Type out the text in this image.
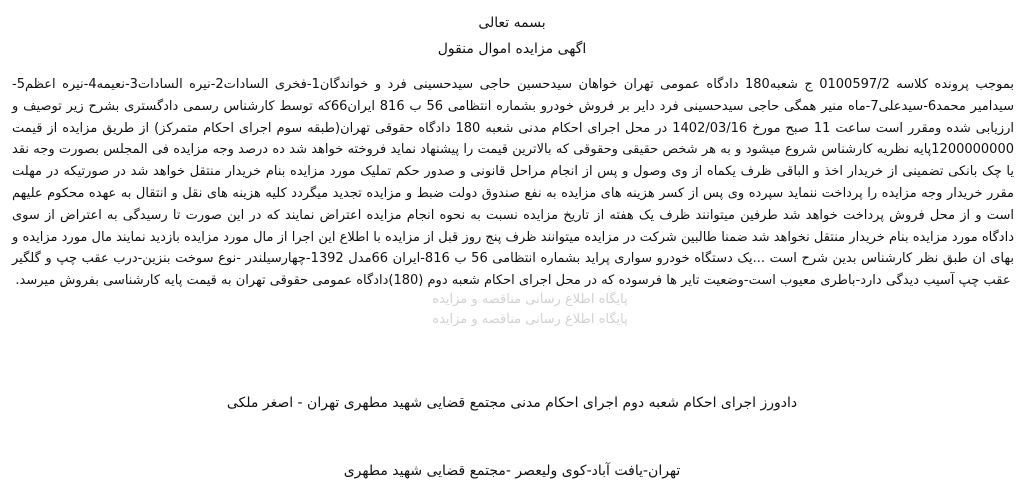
بسمه تعالی
اگهی مزایده اموال منقول
بموجب پرونده کلاسه 0100597/2 ج شعبه180 دادگاه عمومی تهران خواهان سیدحسین حاجی سیدحسینی فرد و خواندگان1-فخری السادات2-نیره السادات3-نعیمه4-نیره اعظم5-سیدامیر محمد6-سیدعلی7-ماه منیر همگی حاجی سیدحسینی فرد دایر بر فروش خودرو بشماره انتظامی 56 ب 816 ایران66که توسط کارشناس رسمی دادگستری بشرح زیر توصیف و ارزیابی شده ومقرر است ساعت 11 صبح مورخ 1402/03/16 در محل اجرای احکام مدنی شعبه 180 دادگاه حقوقی تهران(طبقه سوم اجرای احکام متمرکز) از طریق مزایده از قیمت 1200000000پایه نظریه کارشناس شروع میشود و به هر شخص حقیقی وحقوقی که بالاترین قیمت را پیشنهاد نماید فروخته خواهد شد ده درصد وجه مزایده فی المجلس بصورت وجه نقد یا چک بانکی تضمینی از خریدار اخذ و الباقی ظرف یکماه از وی وصول و پس از انجام مراحل قانونی و صدور حکم تملیک مورد مزایده بنام خریدار منتقل خواهد شد در صورتیکه در مهلت مقرر خریدار وجه مزایده را پرداخت ننماید سپرده وی پس از کسر هزینه های مزایده به نفع صندوق دولت ضبط و مزایده تجدید میگردد کلیه هزینه های نقل و انتقال به عهده محکوم علیهم است و از محل فروش پرداخت خواهد شد طرفین میتوانند ظرف یک هفته از تاریخ مزایده نسبت به نحوه انجام مزایده اعتراض نمایند که در این صورت تا رسیدگی به اعتراض از سوی دادگاه مورد مزایده بنام خریدار منتقل نخواهد شد ضمنا طالبین شرکت در مزایده میتوانند ظرف پنج روز قبل از مزایده با اطلاع این اجرا از مال مورد مزایده بازدید نمایند مال مورد مزایده و بهای ان طبق نظر کارشناس بدین شرح است ...یک دستگاه خودرو سواری پراید بشماره انتظامی 56 ب 816-ایران 66مدل 1392-چهارسیلندر -نوع سوخت بنزین-درب عقب چپ و گلگیر عقب چپ آسیب دیدگی دارد-باطری معیوب است-وضعیت تایر ها فرسوده که در محل اجرای احکام شعبه دوم (180)دادگاه عمومی حقوقی تهران به قیمت پایه کارشناسی بفروش میرسد.
پایگاه اطلاع رسانی مناقصه و مزایده
پایگاه اطلاع رسانی مناقصه و مزایده
دادورز اجرای احکام شعبه دوم اجرای احکام مدنی مجتمع قضایی شهید مطهری تهران - اصغر ملکی
تهران-یافت آباد-کوی ولیعصر -مجتمع قضایی شهید مطهری
